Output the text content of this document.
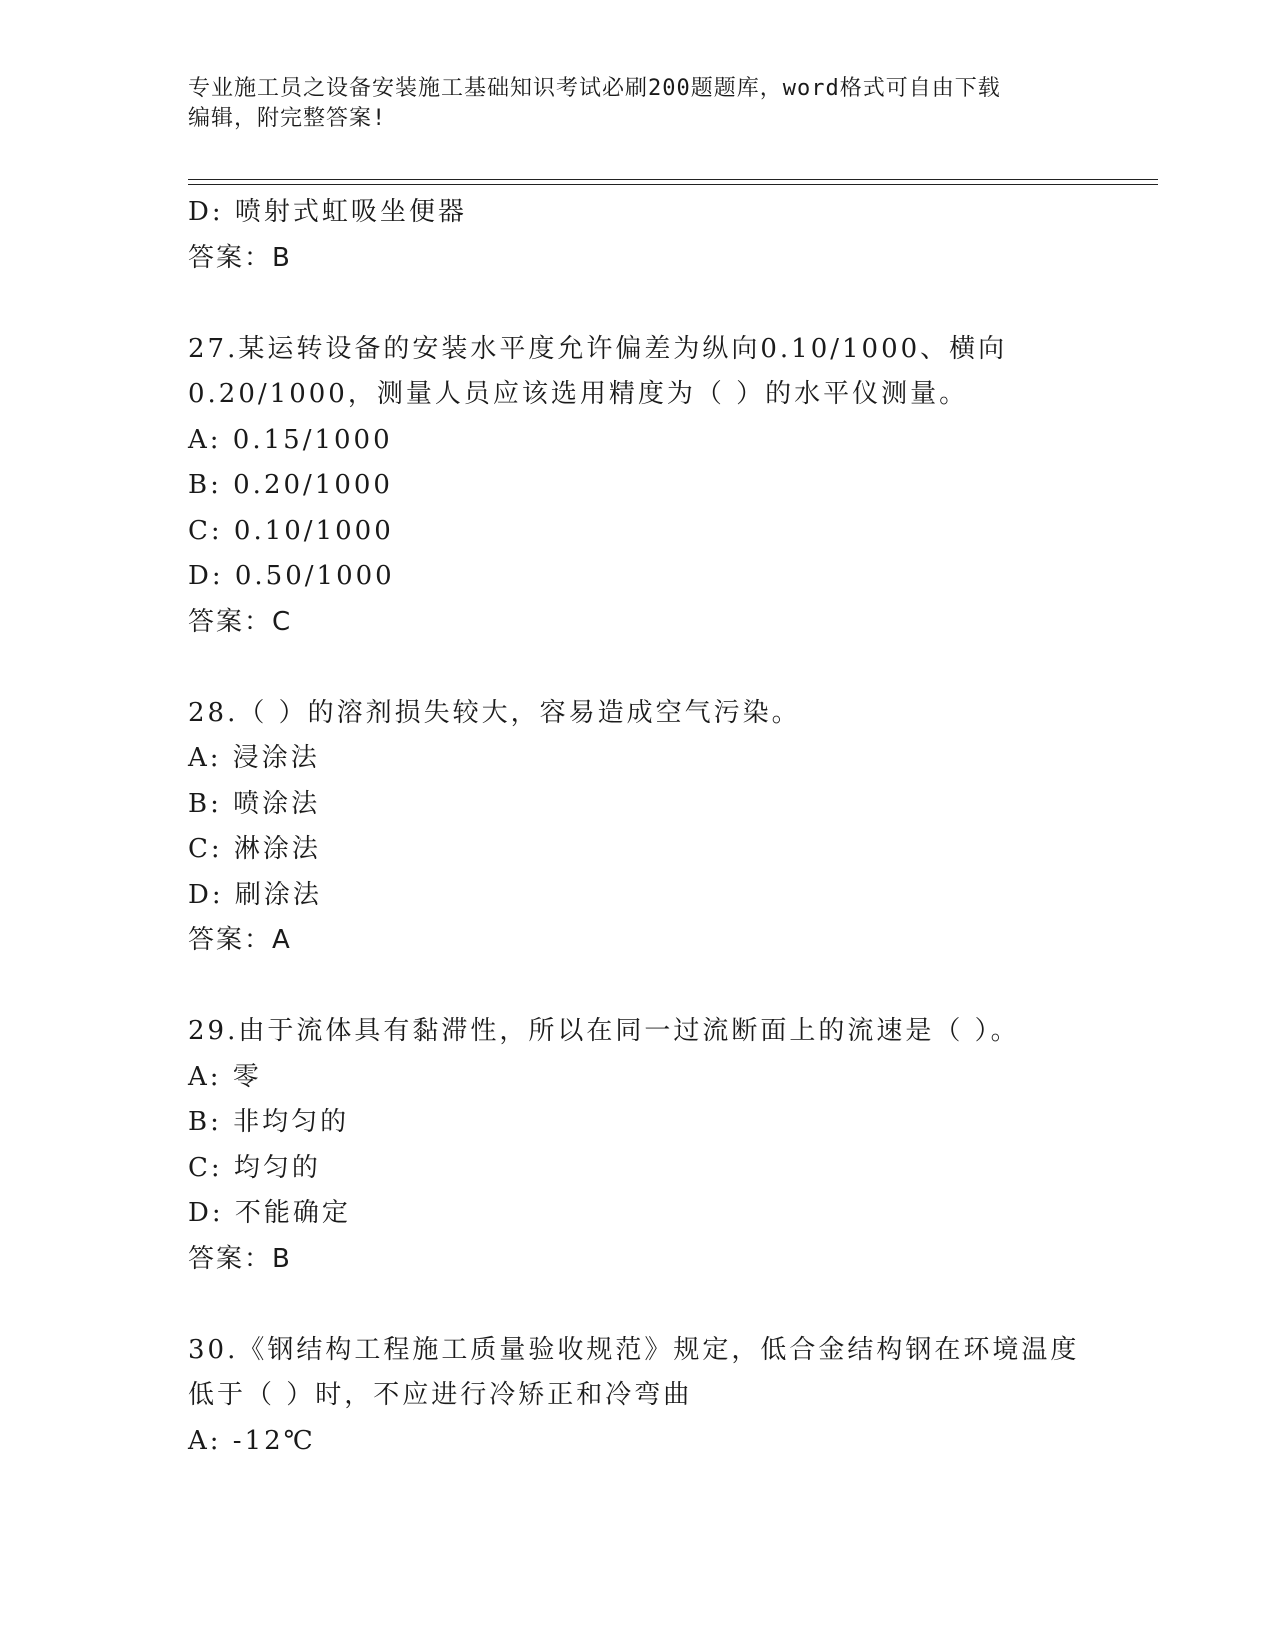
专业施工员之设备安装施工基础知识考试必刷200题题库，word格式可自由下载
编辑，附完整答案!
D: 喷射式虹吸坐便器
答案：B
27.某运转设备的安装水平度允许偏差为纵向0.10/1000、横向
0.20/1000，测量人员应该选用精度为（ ）的水平仪测量。
A: 0.15/1000
B: 0.20/1000
C: 0.10/1000
D: 0.50/1000
答案：C
28.（ ）的溶剂损失较大，容易造成空气污染。
A: 浸涂法
B: 喷涂法
C: 淋涂法
D: 刷涂法
答案：A
29.由于流体具有黏滞性，所以在同一过流断面上的流速是（ ）。
A: 零
B: 非均匀的
C: 均匀的
D: 不能确定
答案：B
30.《钢结构工程施工质量验收规范》规定，低合金结构钢在环境温度
低于（ ）时，不应进行冷矫正和冷弯曲
A: -12℃
